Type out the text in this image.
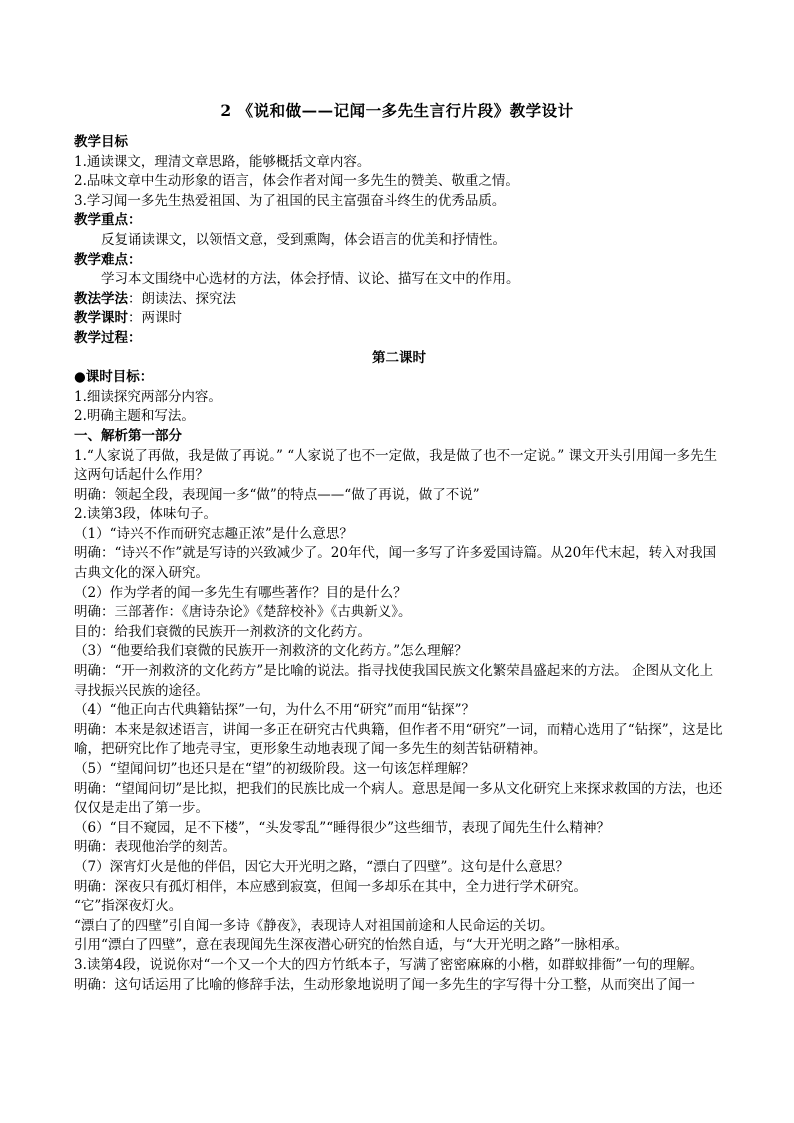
2 《说和做——记闻一多先生言行片段》教学设计
教学目标
1.通读课文，理清文章思路，能够概括文章内容。
2.品味文章中生动形象的语言，体会作者对闻一多先生的赞美、敬重之情。
3.学习闻一多先生热爱祖国、为了祖国的民主富强奋斗终生的优秀品质。
教学重点：
反复诵读课文，以领悟文意，受到熏陶，体会语言的优美和抒情性。
教学难点：
学习本文围绕中心选材的方法，体会抒情、议论、描写在文中的作用。
教法学法：朗读法、探究法
教学课时：两课时
教学过程：
第二课时
●课时目标：
1.细读探究两部分内容。
2.明确主题和写法。
一、解析第一部分
1.“人家说了再做，我是做了再说。” “人家说了也不一定做，我是做了也不一定说。” 课文开头引用闻一多先生这两句话起什么作用？
明确：领起全段，表现闻一多“做”的特点——“做了再说，做了不说”
2.读第3段，体味句子。
（1）“诗兴不作而研究志趣正浓”是什么意思？
明确：“诗兴不作”就是写诗的兴致减少了。20年代，闻一多写了许多爱国诗篇。从20年代末起，转入对我国古典文化的深入研究。
（2）作为学者的闻一多先生有哪些著作？目的是什么？
明确：三部著作：《唐诗杂论》《楚辞校补》《古典新义》。
目的：给我们衰微的民族开一剂救济的文化药方。
（3）“他要给我们衰微的民族开一剂救济的文化药方。”怎么理解？
明确：“开一剂救济的文化药方”是比喻的说法。指寻找使我国民族文化繁荣昌盛起来的方法。 企图从文化上寻找振兴民族的途径。
（4）“他正向古代典籍钻探”一句，为什么不用“研究”而用“钻探”？
明确：本来是叙述语言，讲闻一多正在研究古代典籍，但作者不用“研究”一词，而精心选用了“钻探”，这是比喻，把研究比作了地壳寻宝，更形象生动地表现了闻一多先生的刻苦钻研精神。
（5）“望闻问切”也还只是在“望”的初级阶段。这一句该怎样理解？
明确：“望闻问切”是比拟，把我们的民族比成一个病人。意思是闻一多从文化研究上来探求救国的方法，也还仅仅是走出了第一步。
（6）“目不窥园，足不下楼”，“头发零乱”“睡得很少”这些细节，表现了闻先生什么精神？
明确：表现他治学的刻苦。
（7）深宵灯火是他的伴侣，因它大开光明之路，“漂白了四壁”。这句是什么意思？
明确：深夜只有孤灯相伴，本应感到寂寞，但闻一多却乐在其中，全力进行学术研究。
“它”指深夜灯火。
“漂白了的四壁”引自闻一多诗《静夜》，表现诗人对祖国前途和人民命运的关切。
引用“漂白了四壁”，意在表现闻先生深夜潜心研究的怡然自适，与“大开光明之路”一脉相承。
3.读第4段，说说你对“一个又一个大的四方竹纸本子，写满了密密麻麻的小楷，如群蚁排衙”一句的理解。
明确：这句话运用了比喻的修辞手法，生动形象地说明了闻一多先生的字写得十分工整，从而突出了闻一
